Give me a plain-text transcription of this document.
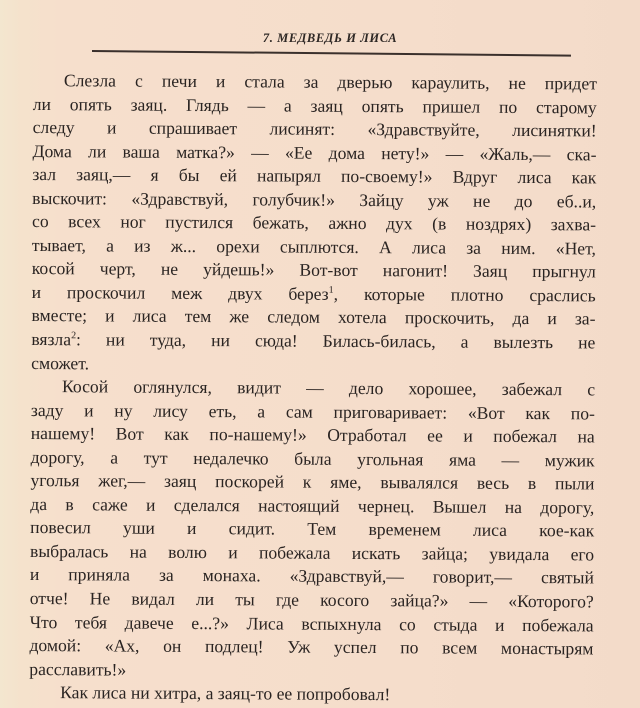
7. МЕДВЕДЬ И ЛИСА
Слезла с печи и стала за дверью караулить, не придет
ли опять заяц. Глядь — а заяц опять пришел по старому
следу и спрашивает лисинят: «Здравствуйте, лисинятки!
Дома ли ваша матка?» — «Ее дома нету!» — «Жаль,— ска-
зал заяц,— я бы ей напырял по-своему!» Вдруг лиса как
выскочит: «Здравствуй, голубчик!» Зайцу уж не до еб..и,
со всех ног пустился бежать, ажно дух (в ноздрях) захва-
тывает, а из ж... орехи сыплются. А лиса за ним. «Нет,
косой черт, не уйдешь!» Вот-вот нагонит! Заяц прыгнул
и проскочил меж двух берез$^1$, которые плотно сраслись
вместе; и лиса тем же следом хотела проскочить, да и за-
вязла$^2$: ни туда, ни сюда! Билась-билась, а вылезть не
сможет.
Косой оглянулся, видит — дело хорошее, забежал с
заду и ну лису еть, а сам приговаривает: «Вот как по-
нашему! Вот как по-нашему!» Отработал ее и побежал на
дорогу, а тут недалечко была угольная яма — мужик
уголья жег,— заяц поскорей к яме, вывалялся весь в пыли
да в саже и сделался настоящий чернец. Вышел на дорогу,
повесил уши и сидит. Тем временем лиса кое-как
выбралась на волю и побежала искать зайца; увидала его
и приняла за монаха. «Здравствуй,— говорит,— святый
отче! Не видал ли ты где косого зайца?» — «Которого?
Что тебя давече е...?» Лиса вспыхнула со стыда и побежала
домой: «Ах, он подлец! Уж успел по всем монастырям
расславить!»
Как лиса ни хитра, а заяц-то ее попробовал!
